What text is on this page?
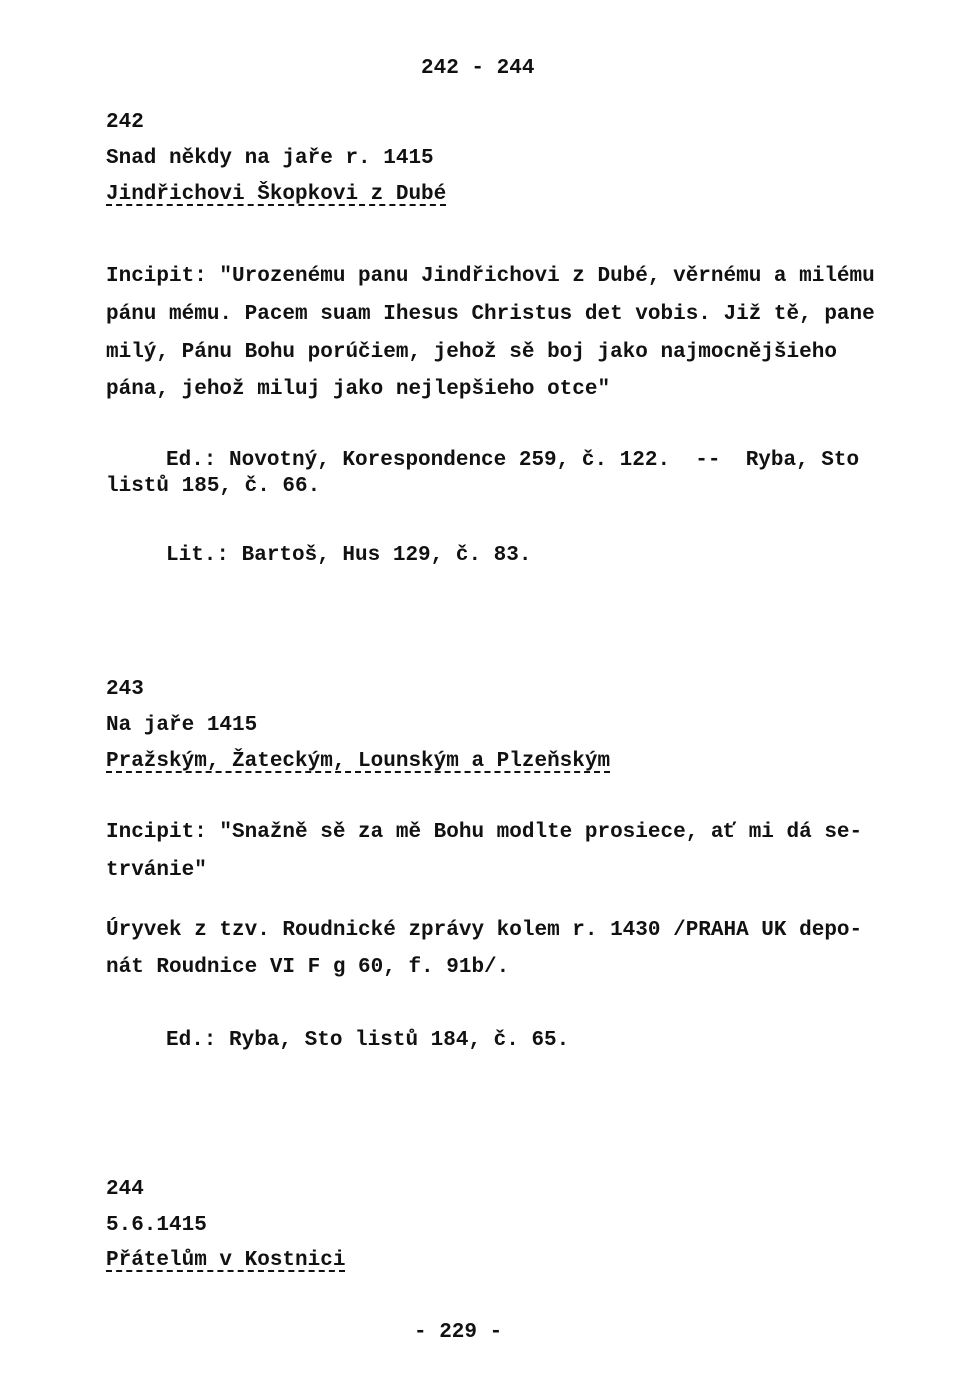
242 - 244
242
Snad někdy na jaře r. 1415
Jindřichovi Škopkovi z Dubé
Incipit: "Urozenému panu Jindřichovi z Dubé, věrnému a milému
pánu mému. Pacem suam Ihesus Christus det vobis. Již tě, pane
milý, Pánu Bohu porúčiem, jehož sě boj jako najmocnějšieho
pána, jehož miluj jako nejlepšieho otce"
Ed.: Novotný, Korespondence 259, č. 122.  --  Ryba, Sto
listů 185, č. 66.
Lit.: Bartoš, Hus 129, č. 83.
243
Na jaře 1415
Pražským, Žateckým, Lounským a Plzeňským
Incipit: "Snažně sě za mě Bohu modlte prosiece, ať mi dá se-
trvánie"
Úryvek z tzv. Roudnické zprávy kolem r. 1430 /PRAHA UK depo-
nát Roudnice VI F g 60, f. 91b/.
Ed.: Ryba, Sto listů 184, č. 65.
244
5.6.1415
Přátelům v Kostnici
- 229 -
